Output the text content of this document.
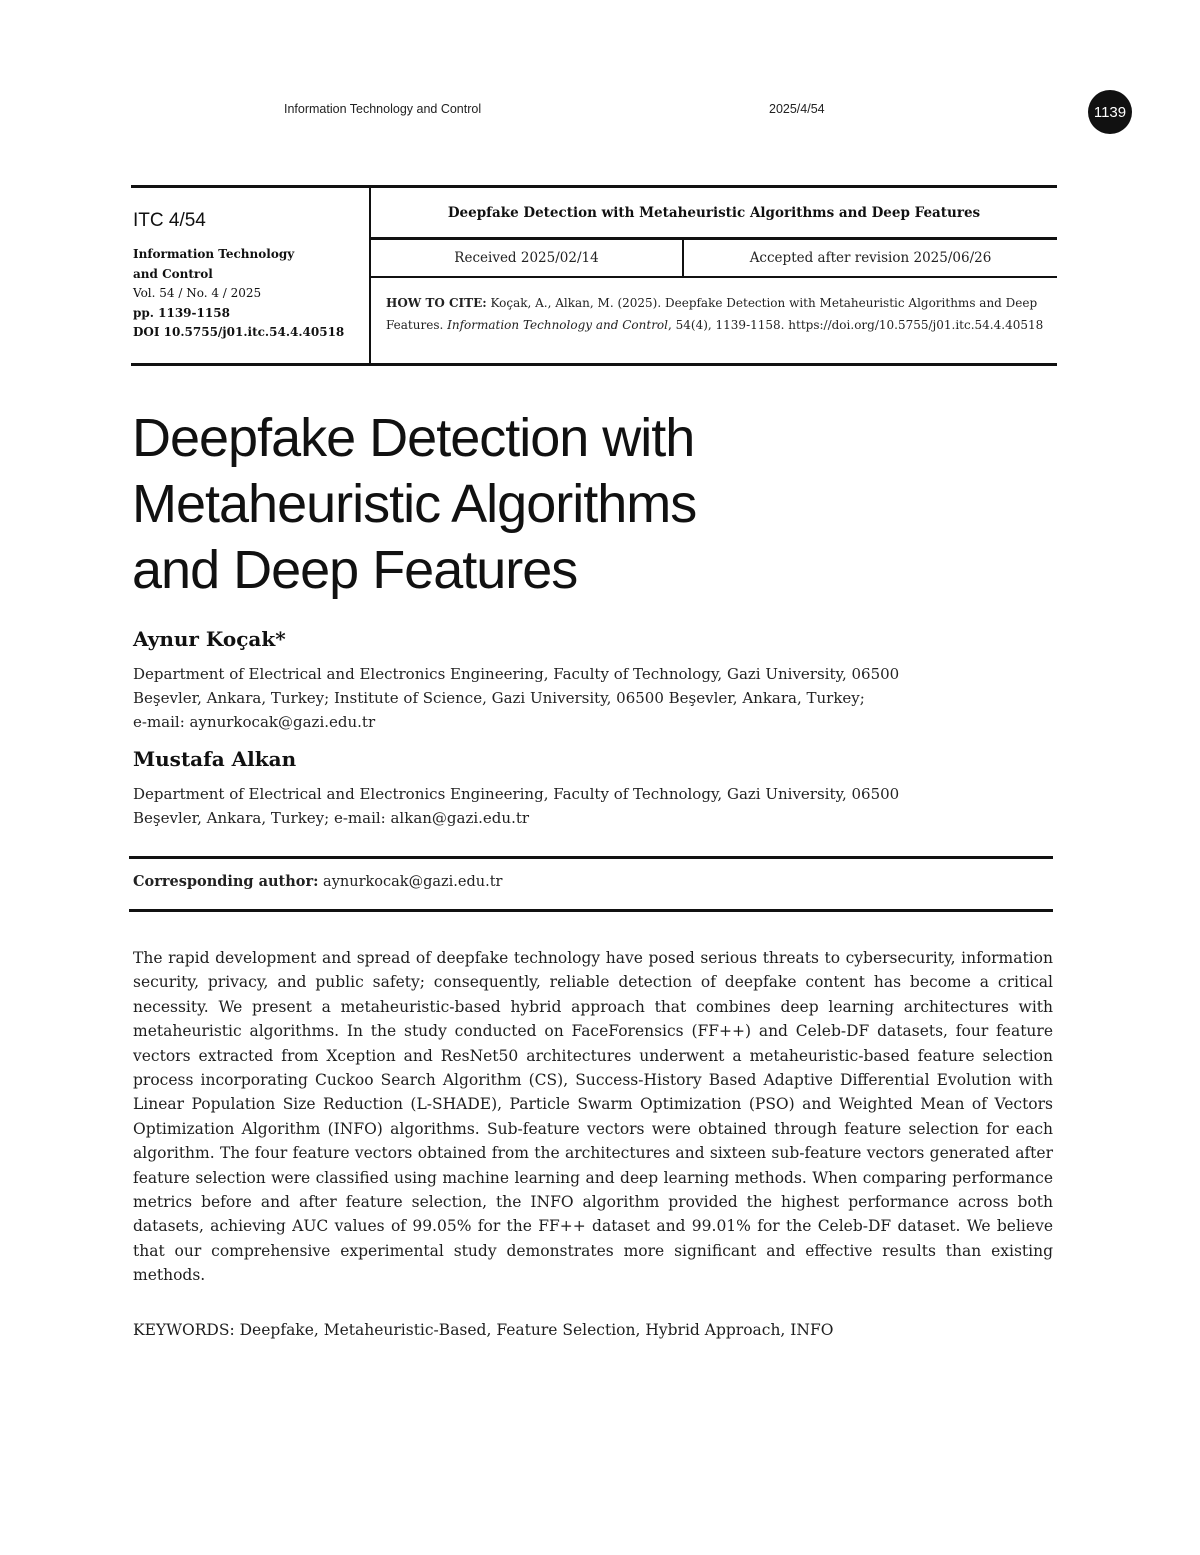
Information Technology and Control	2025/4/54	1139
ITC 4/54
Information Technology
and Control
Vol. 54 / No. 4 / 2025
pp. 1139-1158
DOI 10.5755/j01.itc.54.4.40518
Deepfake Detection with Metaheuristic Algorithms and Deep Features
Received 2025/02/14	Accepted after revision 2025/06/26
HOW TO CITE: Koçak, A., Alkan, M. (2025). Deepfake Detection with Metaheuristic Algorithms and Deep Features. Information Technology and Control, 54(4), 1139-1158. https://doi.org/10.5755/j01.itc.54.4.40518
Deepfake Detection with
Metaheuristic Algorithms
and Deep Features
Aynur Koçak*
Department of Electrical and Electronics Engineering, Faculty of Technology, Gazi University, 06500
Beşevler, Ankara, Turkey; Institute of Science, Gazi University, 06500 Beşevler, Ankara, Turkey;
e-mail: aynurkocak@gazi.edu.tr
Mustafa Alkan
Department of Electrical and Electronics Engineering, Faculty of Technology, Gazi University, 06500
Beşevler, Ankara, Turkey; e-mail: alkan@gazi.edu.tr
Corresponding author: aynurkocak@gazi.edu.tr

The rapid development and spread of deepfake technology have posed serious threats to cybersecurity, information security, privacy, and public safety; consequently, reliable detection of deepfake content has become a critical necessity. We present a metaheuristic-based hybrid approach that combines deep learning architectures with metaheuristic algorithms. In the study conducted on FaceForensics (FF++) and Celeb-DF datasets, four feature vectors extracted from Xception and ResNet50 architectures underwent a metaheuristic-based feature selection process incorporating Cuckoo Search Algorithm (CS), Success-History Based Adaptive Differential Evolution with Linear Population Size Reduction (L-SHADE), Particle Swarm Optimization (PSO) and Weighted Mean of Vectors Optimization Algorithm (INFO) algorithms. Sub-feature vectors were obtained through feature selection for each algorithm. The four feature vectors obtained from the architectures and sixteen sub-feature vectors generated after feature selection were classified using machine learning and deep learning methods. When comparing performance metrics before and after feature selection, the INFO algorithm provided the highest performance across both datasets, achieving AUC values of 99.05% for the FF++ dataset and 99.01% for the Celeb-DF dataset. We believe that our comprehensive experimental study demonstrates more significant and effective results than existing methods.

KEYWORDS: Deepfake, Metaheuristic-Based, Feature Selection, Hybrid Approach, INFO
